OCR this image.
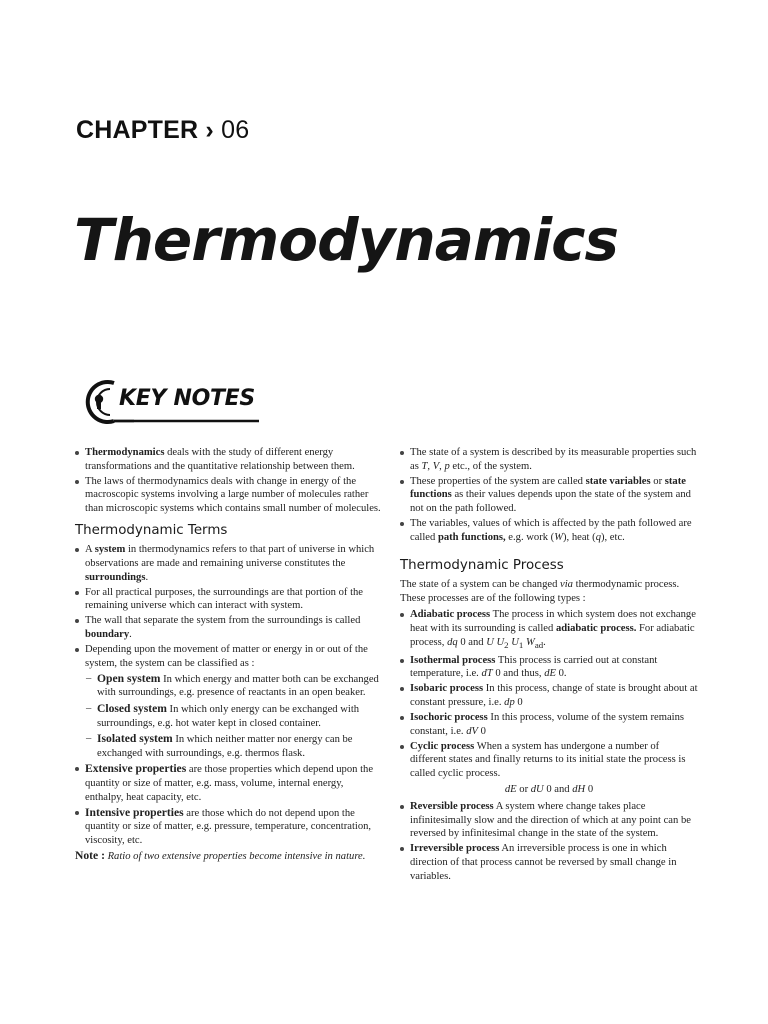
CHAPTER › 06
Thermodynamics
KEY NOTES
Thermodynamics deals with the study of different energy transformations and the quantitative relationship between them.
The laws of thermodynamics deals with change in energy of the macroscopic systems involving a large number of molecules rather than microscopic systems which contains small number of molecules.
Thermodynamic Terms
A system in thermodynamics refers to that part of universe in which observations are made and remaining universe constitutes the surroundings.
For all practical purposes, the surroundings are that portion of the remaining universe which can interact with system.
The wall that separate the system from the surroundings is called boundary.
Depending upon the movement of matter or energy in or out of the system, the system can be classified as :
– Open system In which energy and matter both can be exchanged with surroundings, e.g. presence of reactants in an open beaker.
– Closed system In which only energy can be exchanged with surroundings, e.g. hot water kept in closed container.
– Isolated system In which neither matter nor energy can be exchanged with surroundings, e.g. thermos flask.
Extensive properties are those properties which depend upon the quantity or size of matter, e.g. mass, volume, internal energy, enthalpy, heat capacity, etc.
Intensive properties are those which do not depend upon the quantity or size of matter, e.g. pressure, temperature, concentration, viscosity, etc.

Note : Ratio of two extensive properties become intensive in nature.

The state of a system is described by its measurable properties such as T, V, p etc., of the system.
These properties of the system are called state variables or state functions as their values depends upon the state of the system and not on the path followed.
The variables, values of which is affected by the path followed are called path functions, e.g. work (W), heat (q), etc.
Thermodynamic Process

The state of a system can be changed via thermodynamic process. These processes are of the following types :

Adiabatic process The process in which system does not exchange heat with its surrounding is called adiabatic process. For adiabatic process, dq 0 and U $U_2$ $U_1$ $W_{ad}$.
Isothermal process This process is carried out at constant temperature, i.e. dT 0 and thus, dE 0.
Isobaric process In this process, change of state is brought about at constant pressure, i.e. dp 0
Isochoric process In this process, volume of the system remains constant, i.e. dV 0
Cyclic process When a system has undergone a number of different states and finally returns to its initial state the process is called cyclic process.
dE or dU 0 and dH 0
Reversible process A system where change takes place infinitesimally slow and the direction of which at any point can be reversed by infinitesimal change in the state of the system.
Irreversible process An irreversible process is one in which direction of that process cannot be reversed by small change in variables.
